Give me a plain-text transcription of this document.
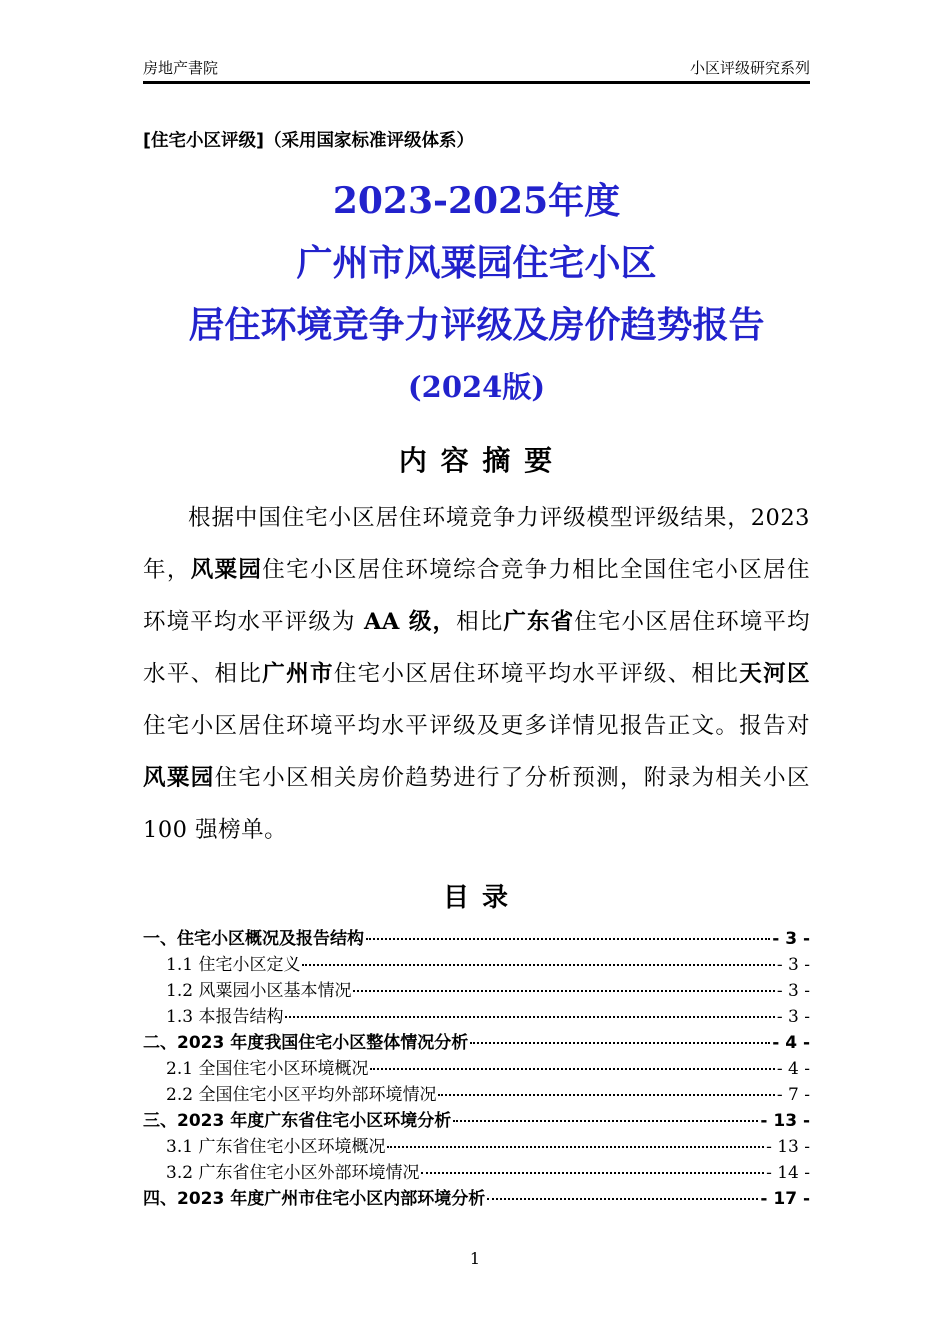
房地产書院	小区评级研究系列
[住宅小区评级]（采用国家标准评级体系）
2023-2025年度
广州市风粟园住宅小区
居住环境竞争力评级及房价趋势报告
(2024版)
内 容 摘 要

根据中国住宅小区居住环境竞争力评级模型评级结果，2023 年，风粟园住宅小区居住环境综合竞争力相比全国住宅小区居住环境平均水平评级为 AA 级，相比广东省住宅小区居住环境平均水平、相比广州市住宅小区居住环境平均水平评级、相比天河区住宅小区居住环境平均水平评级及更多详情见报告正文。报告对风粟园住宅小区相关房价趋势进行了分析预测，附录为相关小区 100 强榜单。

目 录
一、住宅小区概况及报告结构	- 3 -
1.1 住宅小区定义	- 3 -
1.2 风粟园小区基本情况	- 3 -
1.3 本报告结构	- 3 -
二、2023 年度我国住宅小区整体情况分析	- 4 -
2.1 全国住宅小区环境概况	- 4 -
2.2 全国住宅小区平均外部环境情况	- 7 -
三、2023 年度广东省住宅小区环境分析	- 13 -
3.1 广东省住宅小区环境概况	- 13 -
3.2 广东省住宅小区外部环境情况	- 14 -
四、2023 年度广州市住宅小区内部环境分析	- 17 -
1
